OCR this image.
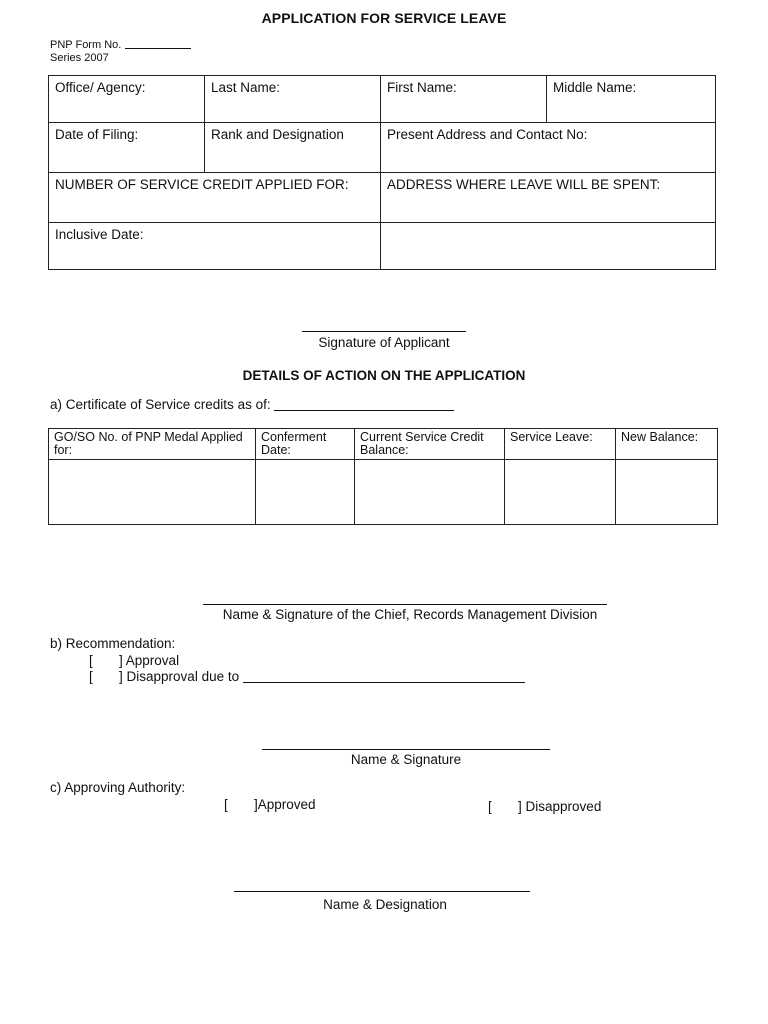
APPLICATION FOR SERVICE LEAVE
PNP Form No.
Series 2007
Office/ Agency:	Last Name:	First Name:	Middle Name:
Date of Filing:	Rank and Designation	Present Address and Contact No:	

NUMBER OF SERVICE CREDIT APPLIED FOR:		ADDRESS WHERE LEAVE WILL BE SPENT:	
Inclusive Date:			
Signature of Applicant
DETAILS OF ACTION ON THE APPLICATION
a) Certificate of Service credits as of:
GO/SO No. of PNP Medal Applied for:	Conferment Date:	Current Service Credit Balance:	Service Leave:	New Balance:

Name & Signature of the Chief, Records Management Division
b) Recommendation:
[       ] Approval
[       ] Disapproval due to
Name & Signature
c) Approving Authority:
[       ]Approved	[       ] Disapproved
Name & Designation
